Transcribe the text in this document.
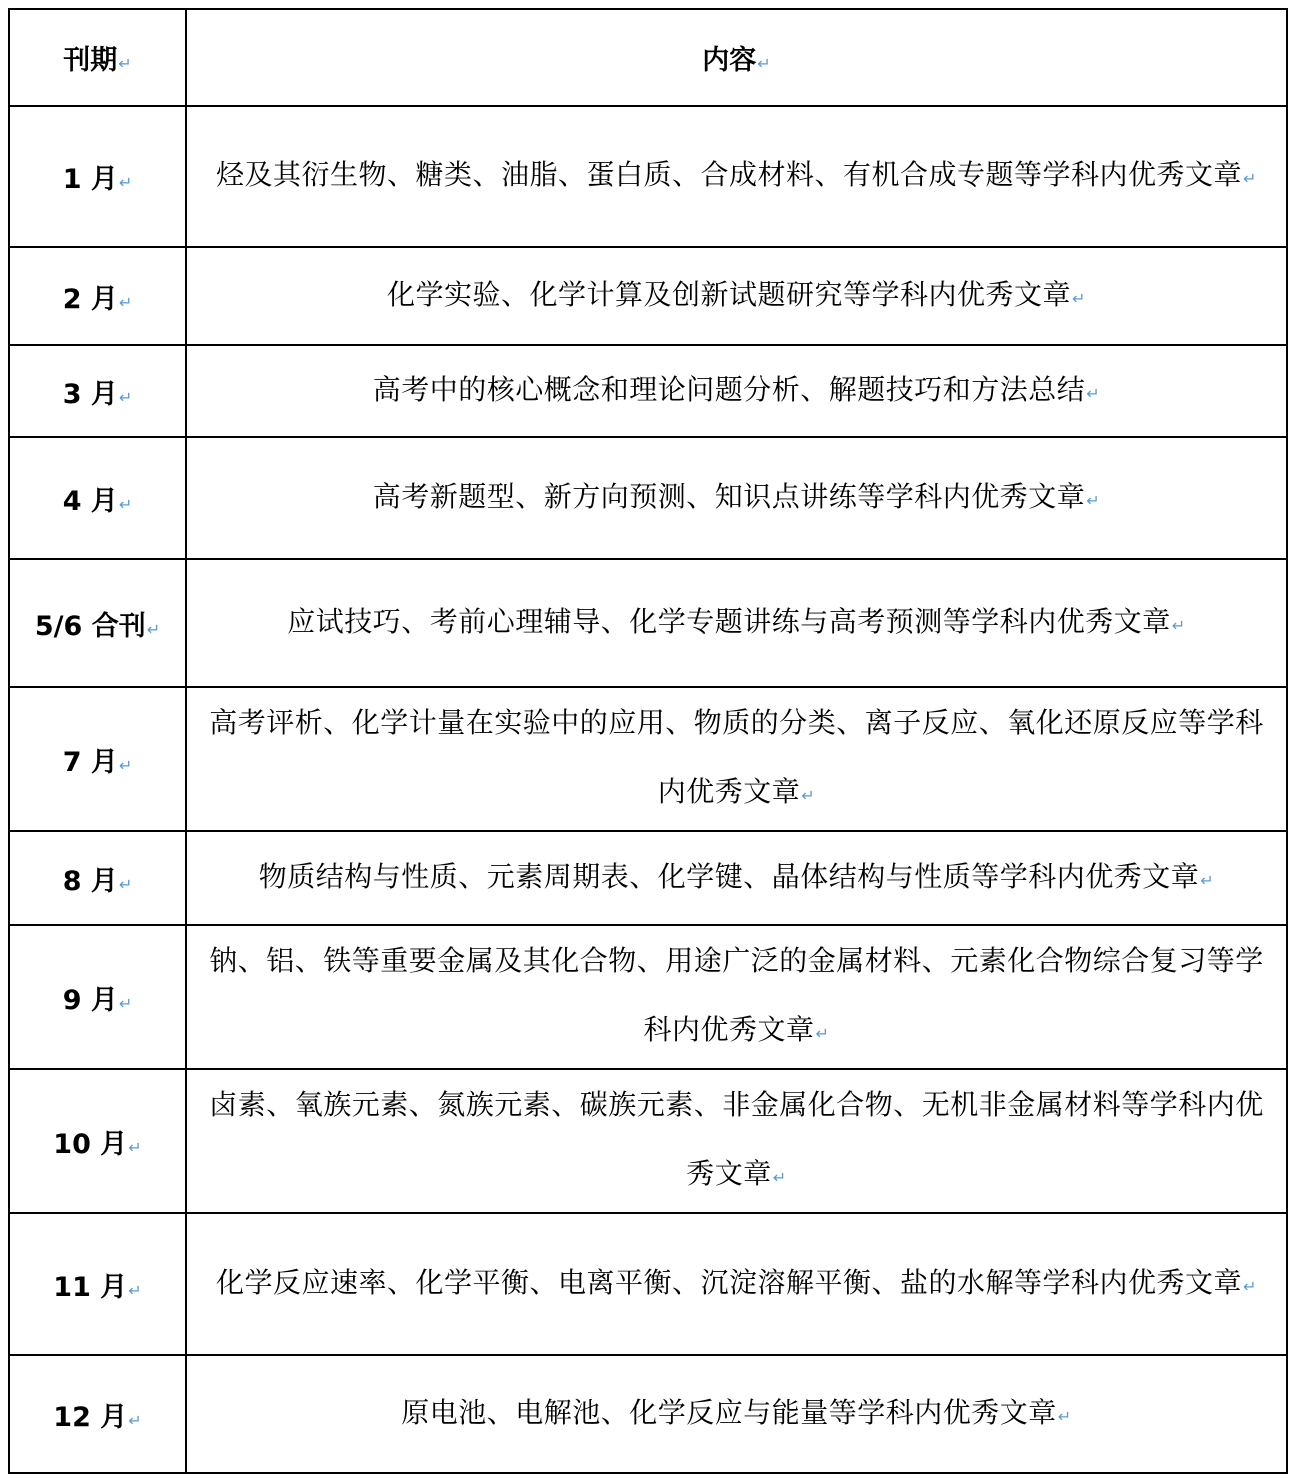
刊期↵	内容↵
1 月↵	烃及其衍生物、糖类、油脂、蛋白质、合成材料、有机合成专题等学科内优秀文章↵
2 月↵	化学实验、化学计算及创新试题研究等学科内优秀文章↵
3 月↵	高考中的核心概念和理论问题分析、解题技巧和方法总结↵
4 月↵	高考新题型、新方向预测、知识点讲练等学科内优秀文章↵
5/6 合刊↵	应试技巧、考前心理辅导、化学专题讲练与高考预测等学科内优秀文章↵
7 月↵	高考评析、化学计量在实验中的应用、物质的分类、离子反应、氧化还原反应等学科内优秀文章↵
8 月↵	物质结构与性质、元素周期表、化学键、晶体结构与性质等学科内优秀文章↵
9 月↵	钠、铝、铁等重要金属及其化合物、用途广泛的金属材料、元素化合物综合复习等学科内优秀文章↵
10 月↵	卤素、氧族元素、氮族元素、碳族元素、非金属化合物、无机非金属材料等学科内优秀文章↵
11 月↵	化学反应速率、化学平衡、电离平衡、沉淀溶解平衡、盐的水解等学科内优秀文章↵
12 月↵	原电池、电解池、化学反应与能量等学科内优秀文章↵
